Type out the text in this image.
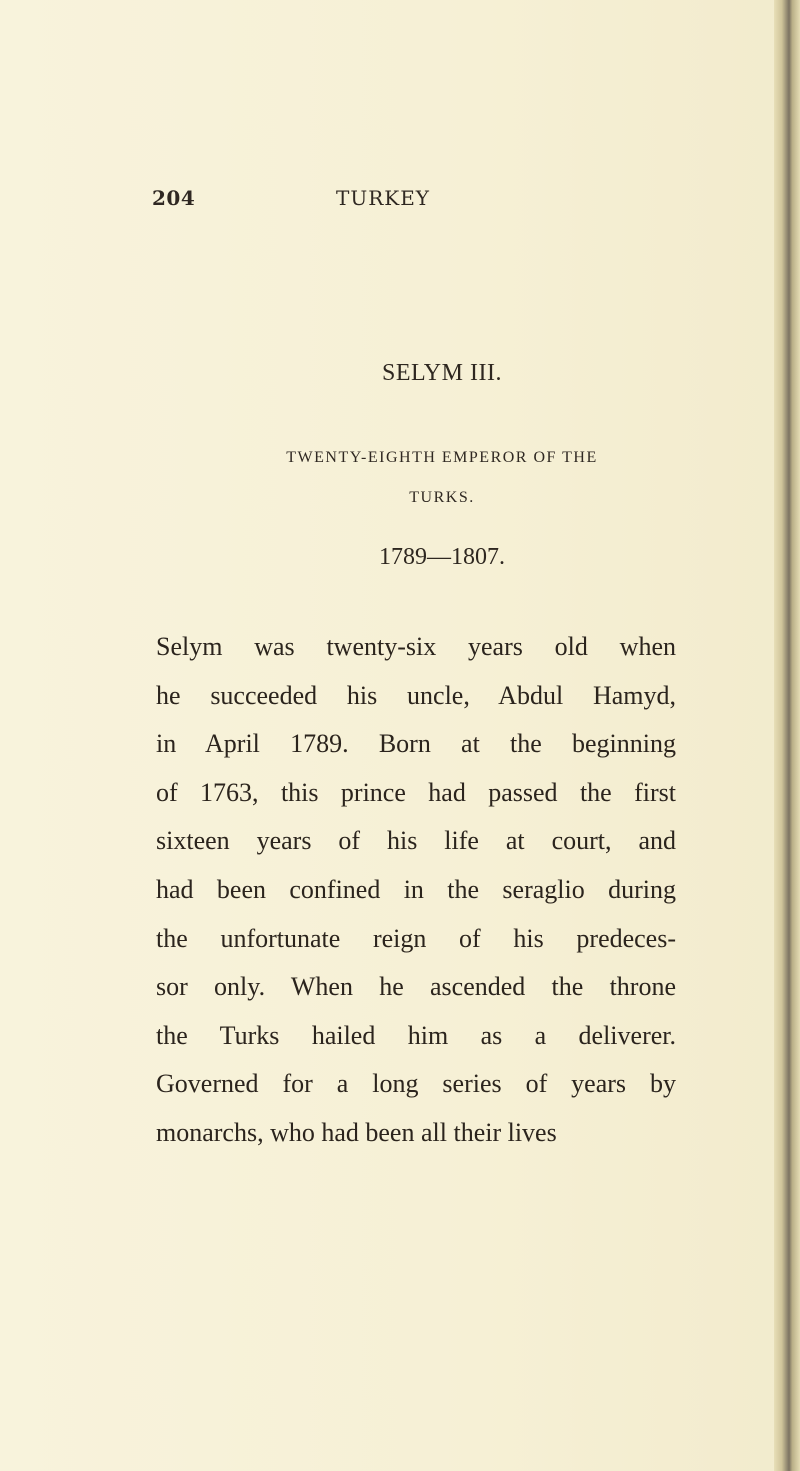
204	TURKEY
SELYM III.
TWENTY-EIGHTH EMPEROR OF THE
TURKS.
1789—1807.
Selym was twenty-six years old when
he succeeded his uncle, Abdul Hamyd,
in April 1789. Born at the beginning
of 1763, this prince had passed the first
sixteen years of his life at court, and
had been confined in the seraglio during
the unfortunate reign of his predeces-
sor only. When he ascended the throne
the Turks hailed him as a deliverer.
Governed for a long series of years by
monarchs, who had been all their lives
